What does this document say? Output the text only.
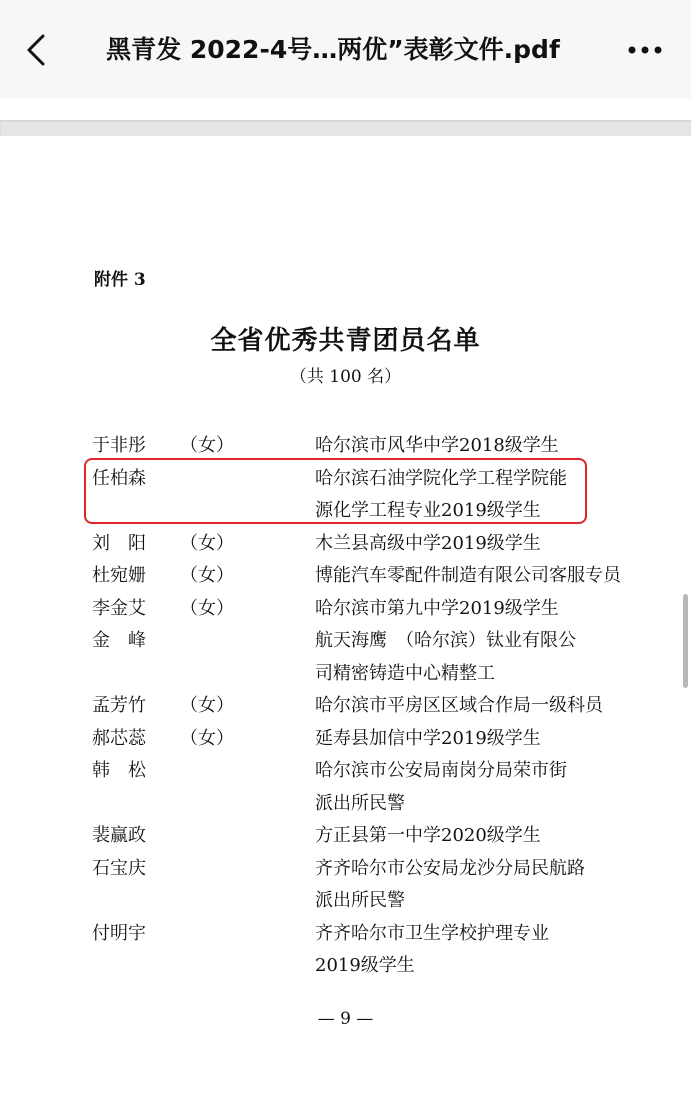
黑青发 2022-4号…两优”表彰文件.pdf
附件 3
全省优秀共青团员名单
（共 100 名）
于非彤 （女）	哈尔滨市风华中学2018级学生
任柏森	哈尔滨石油学院化学工程学院能
源化学工程专业2019级学生
刘　阳 （女）	木兰县高级中学2019级学生
杜宛姗 （女）	博能汽车零配件制造有限公司客服专员
李金艾 （女）	哈尔滨市第九中学2019级学生
金　峰	航天海鹰　（哈尔滨）钛业有限公
司精密铸造中心精整工
孟芳竹 （女）	哈尔滨市平房区区域合作局一级科员
郝芯蕊 （女）	延寿县加信中学2019级学生
韩　松	哈尔滨市公安局南岗分局荣市街
派出所民警
裴赢政	方正县第一中学2020级学生
石宝庆	齐齐哈尔市公安局龙沙分局民航路
派出所民警
付明宇	齐齐哈尔市卫生学校护理专业
2019级学生
— 9 —
